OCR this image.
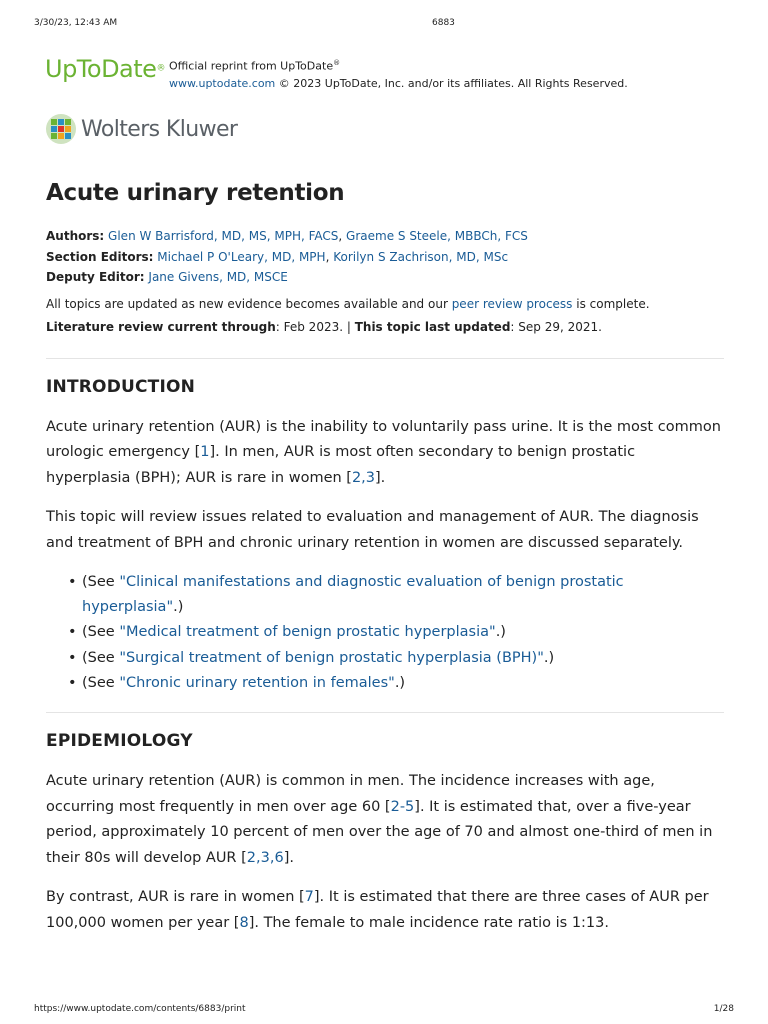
3/30/23, 12:43 AM	6883
UpToDate® Official reprint from UpToDate®
www.uptodate.com © 2023 UpToDate, Inc. and/or its affiliates. All Rights Reserved.
Wolters Kluwer
Acute urinary retention
Authors: Glen W Barrisford, MD, MS, MPH, FACS, Graeme S Steele, MBBCh, FCS
Section Editors: Michael P O'Leary, MD, MPH, Korilyn S Zachrison, MD, MSc
Deputy Editor: Jane Givens, MD, MSCE
All topics are updated as new evidence becomes available and our peer review process is complete.
Literature review current through: Feb 2023. | This topic last updated: Sep 29, 2021.
INTRODUCTION

Acute urinary retention (AUR) is the inability to voluntarily pass urine. It is the most common urologic emergency [1]. In men, AUR is most often secondary to benign prostatic hyperplasia (BPH); AUR is rare in women [2,3].

This topic will review issues related to evaluation and management of AUR. The diagnosis and treatment of BPH and chronic urinary retention in women are discussed separately.

• (See "Clinical manifestations and diagnostic evaluation of benign prostatic hyperplasia".)
• (See "Medical treatment of benign prostatic hyperplasia".)
• (See "Surgical treatment of benign prostatic hyperplasia (BPH)".)
• (See "Chronic urinary retention in females".)
EPIDEMIOLOGY

Acute urinary retention (AUR) is common in men. The incidence increases with age, occurring most frequently in men over age 60 [2-5]. It is estimated that, over a five-year period, approximately 10 percent of men over the age of 70 and almost one-third of men in their 80s will develop AUR [2,3,6].

By contrast, AUR is rare in women [7]. It is estimated that there are three cases of AUR per 100,000 women per year [8]. The female to male incidence rate ratio is 1:13.

https://www.uptodate.com/contents/6883/print	1/28
